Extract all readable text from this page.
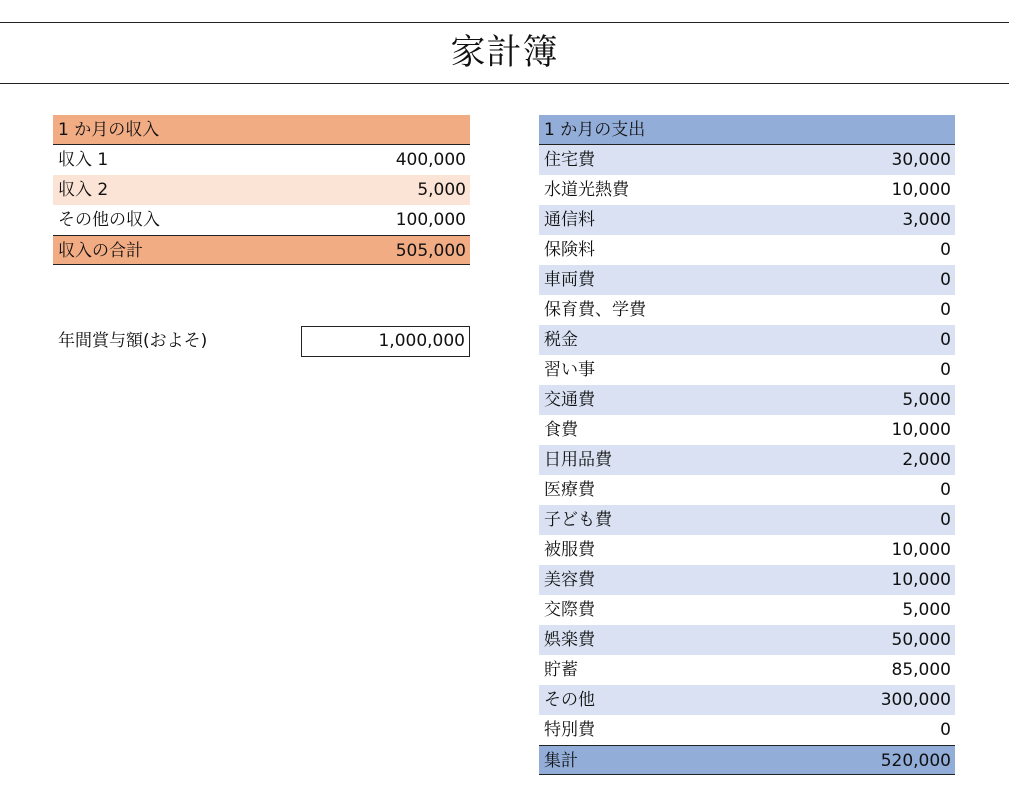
家計簿
1 か月の収入
収入 1	400,000
収入 2	5,000
その他の収入	100,000
収入の合計	505,000
年間賞与額(およそ)	1,000,000
1 か月の支出
住宅費	30,000
水道光熱費	10,000
通信料	3,000
保険料	0
車両費	0
保育費、学費	0
税金	0
習い事	0
交通費	5,000
食費	10,000
日用品費	2,000
医療費	0
子ども費	0
被服費	10,000
美容費	10,000
交際費	5,000
娯楽費	50,000
貯蓄	85,000
その他	300,000
特別費	0
集計	520,000
